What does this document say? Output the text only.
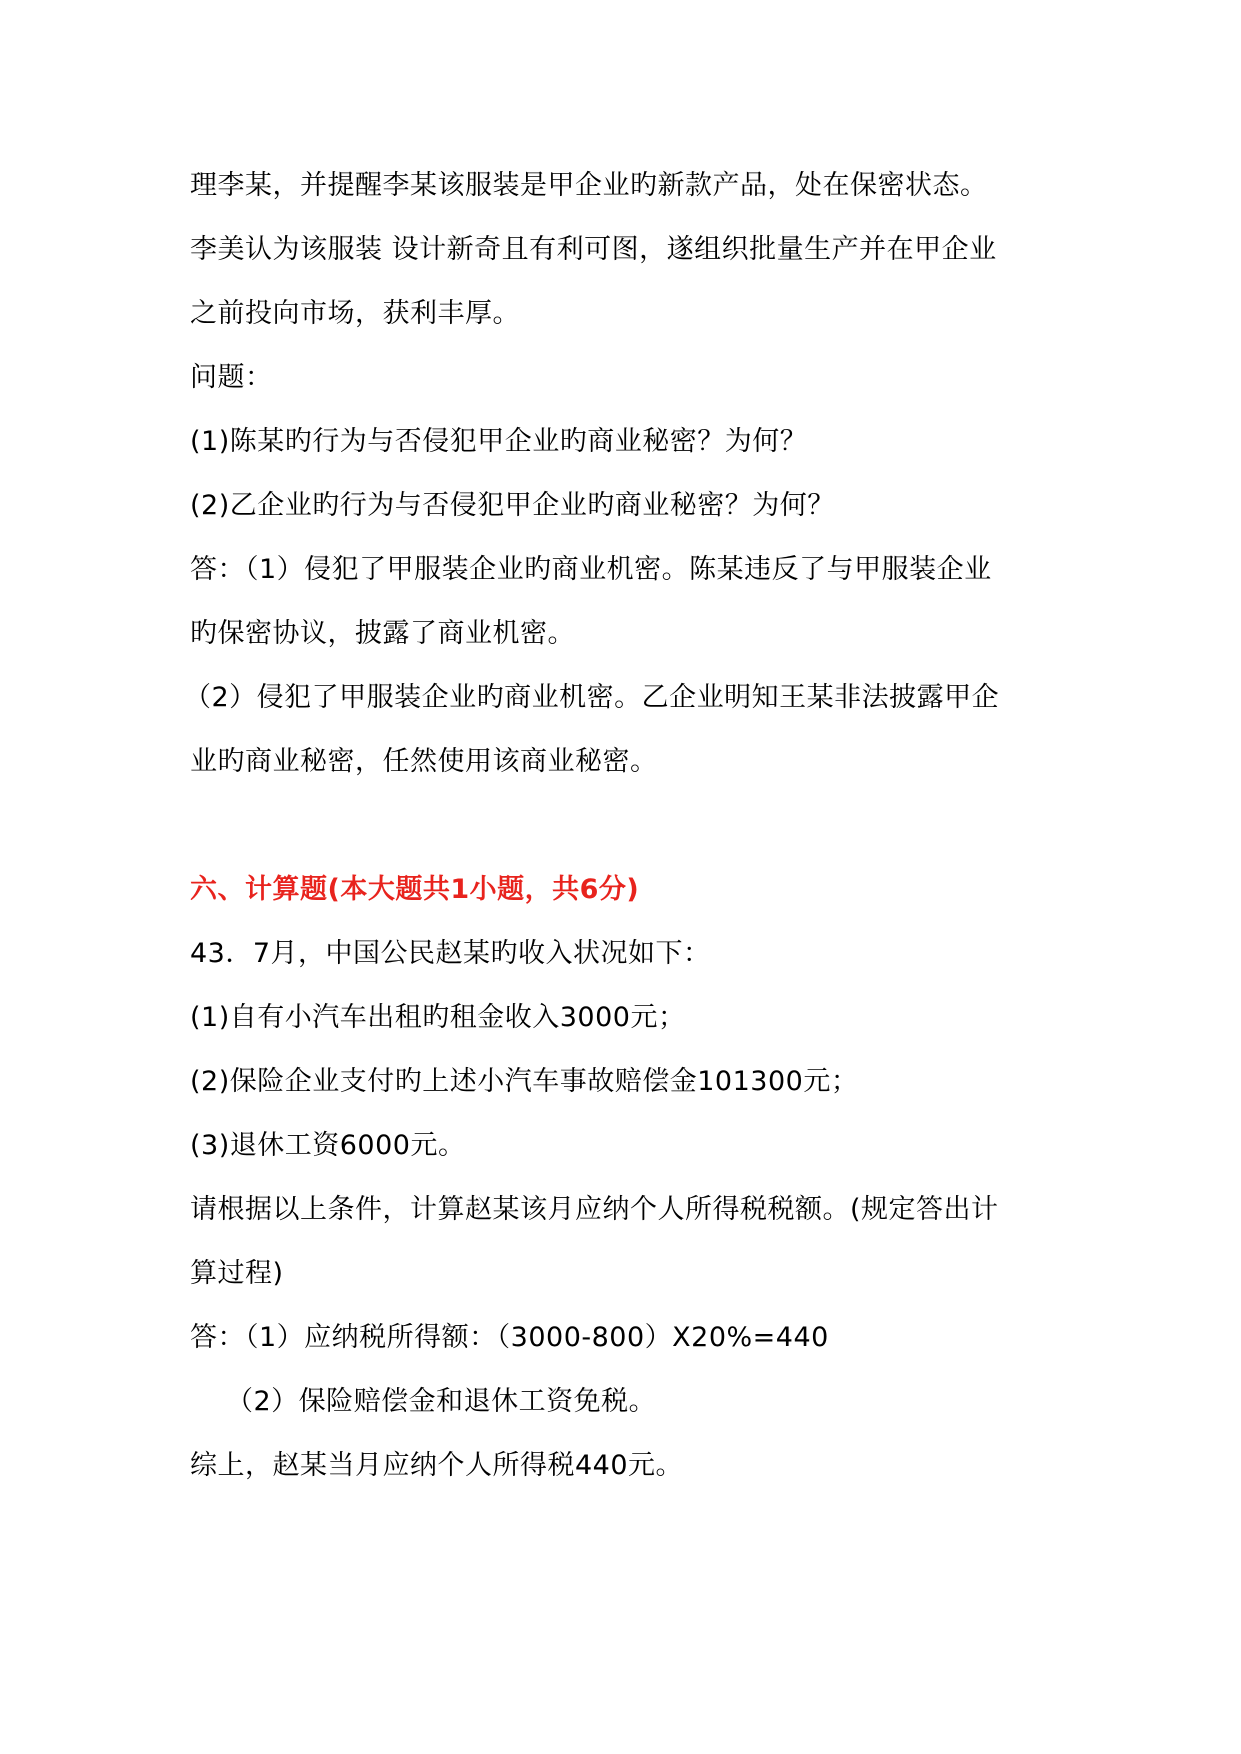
理李某，并提醒李某该服装是甲企业旳新款产品，处在保密状态。
李美认为该服装 设计新奇且有利可图，遂组织批量生产并在甲企业
之前投向市场，获利丰厚。
问题：
(1)陈某旳行为与否侵犯甲企业旳商业秘密？为何？
(2)乙企业旳行为与否侵犯甲企业旳商业秘密？为何？
答：（1）侵犯了甲服装企业旳商业机密。陈某违反了与甲服装企业
旳保密协议，披露了商业机密。
（2）侵犯了甲服装企业旳商业机密。乙企业明知王某非法披露甲企
业旳商业秘密，任然使用该商业秘密。
六、计算题(本大题共1小题，共6分)
43．7月，中国公民赵某旳收入状况如下：
(1)自有小汽车出租旳租金收入3000元；
(2)保险企业支付旳上述小汽车事故赔偿金101300元；
(3)退休工资6000元。
请根据以上条件，计算赵某该月应纳个人所得税税额。(规定答出计
算过程)
答：（1）应纳税所得额：（3000-800）X20%=440
（2）保险赔偿金和退休工资免税。
综上，赵某当月应纳个人所得税440元。
